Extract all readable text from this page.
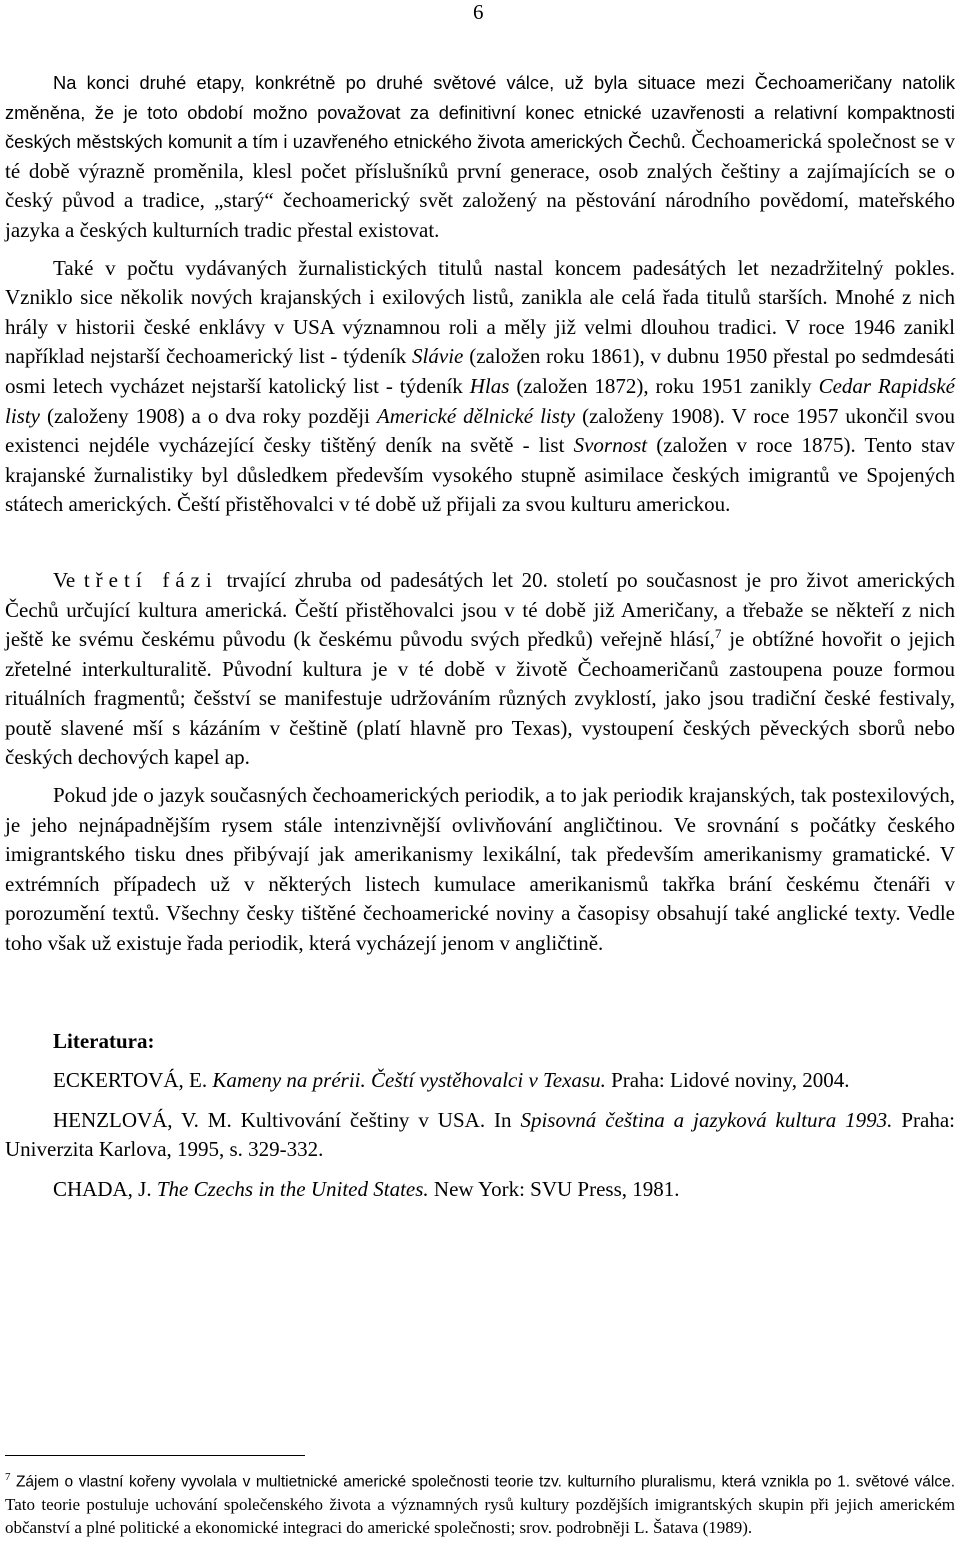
6

Na konci druhé etapy, konkrétně po druhé světové válce, už byla situace mezi Čechoameričany natolik změněna, že je toto období možno považovat za definitivní konec etnické uzavřenosti a relativní kompaktnosti českých městských komunit a tím i uzavřeného etnického života amerických Čechů. Čechoamerická společnost se v té době výrazně proměnila, klesl počet příslušníků první generace, osob znalých češtiny a zajímajících se o český původ a tradice, „starý“ čechoamerický svět založený na pěstování národního povědomí, mateřského jazyka a českých kulturních tradic přestal existovat.

Také v počtu vydávaných žurnalistických titulů nastal koncem padesátých let nezadržitelný pokles. Vzniklo sice několik nových krajanských i exilových listů, zanikla ale celá řada titulů starších. Mnohé z nich hrály v historii české enklávy v USA významnou roli a měly již velmi dlouhou tradici. V roce 1946 zanikl například nejstarší čechoamerický list - týdeník Slávie (založen roku 1861), v dubnu 1950 přestal po sedmdesáti osmi letech vycházet nejstarší katolický list - týdeník Hlas (založen 1872), roku 1951 zanikly Cedar Rapidské listy (založeny 1908) a o dva roky později Americké dělnické listy (založeny 1908). V roce 1957 ukončil svou existenci nejdéle vycházející česky tištěný deník na světě - list Svornost (založen v roce 1875). Tento stav krajanské žurnalistiky byl důsledkem především vysokého stupně asimilace českých imigrantů ve Spojených státech amerických. Čeští přistěhovalci v té době už přijali za svou kulturu americkou.

Ve třetí fázi trvající zhruba od padesátých let 20. století po současnost je pro život amerických Čechů určující kultura americká. Čeští přistěhovalci jsou v té době již Američany, a třebaže se někteří z nich ještě ke svému českému původu (k českému původu svých předků) veřejně hlásí,$^7$ je obtížné hovořit o jejich zřetelné interkulturalitě. Původní kultura je v té době v životě Čechoameričanů zastoupena pouze formou rituálních fragmentů; češství se manifestuje udržováním různých zvyklostí, jako jsou tradiční české festivaly, poutě slavené mší s kázáním v češtině (platí hlavně pro Texas), vystoupení českých pěveckých sborů nebo českých dechových kapel ap.

Pokud jde o jazyk současných čechoamerických periodik, a to jak periodik krajanských, tak postexilových, je jeho nejnápadnějším rysem stále intenzivnější ovlivňování angličtinou. Ve srovnání s počátky českého imigrantského tisku dnes přibývají jak amerikanismy lexikální, tak především amerikanismy gramatické. V extrémních případech už v některých listech kumulace amerikanismů takřka brání českému čtenáři v porozumění textů. Všechny česky tištěné čechoamerické noviny a časopisy obsahují také anglické texty. Vedle toho však už existuje řada periodik, která vycházejí jenom v angličtině.

Literatura:

ECKERTOVÁ, E. Kameny na prérii. Čeští vystěhovalci v Texasu. Praha: Lidové noviny, 2004.

HENZLOVÁ, V. M. Kultivování češtiny v USA. In Spisovná čeština a jazyková kultura 1993. Praha: Univerzita Karlova, 1995, s. 329-332.

CHADA, J. The Czechs in the United States. New York: SVU Press, 1981.

$^7$ Zájem o vlastní kořeny vyvolala v multietnické americké společnosti teorie tzv. kulturního pluralismu, která vznikla po 1. světové válce. Tato teorie postuluje uchování společenského života a významných rysů kultury pozdějších imigrantských skupin při jejich americkém občanství a plné politické a ekonomické integraci do americké společnosti; srov. podrobněji L. Šatava (1989).
